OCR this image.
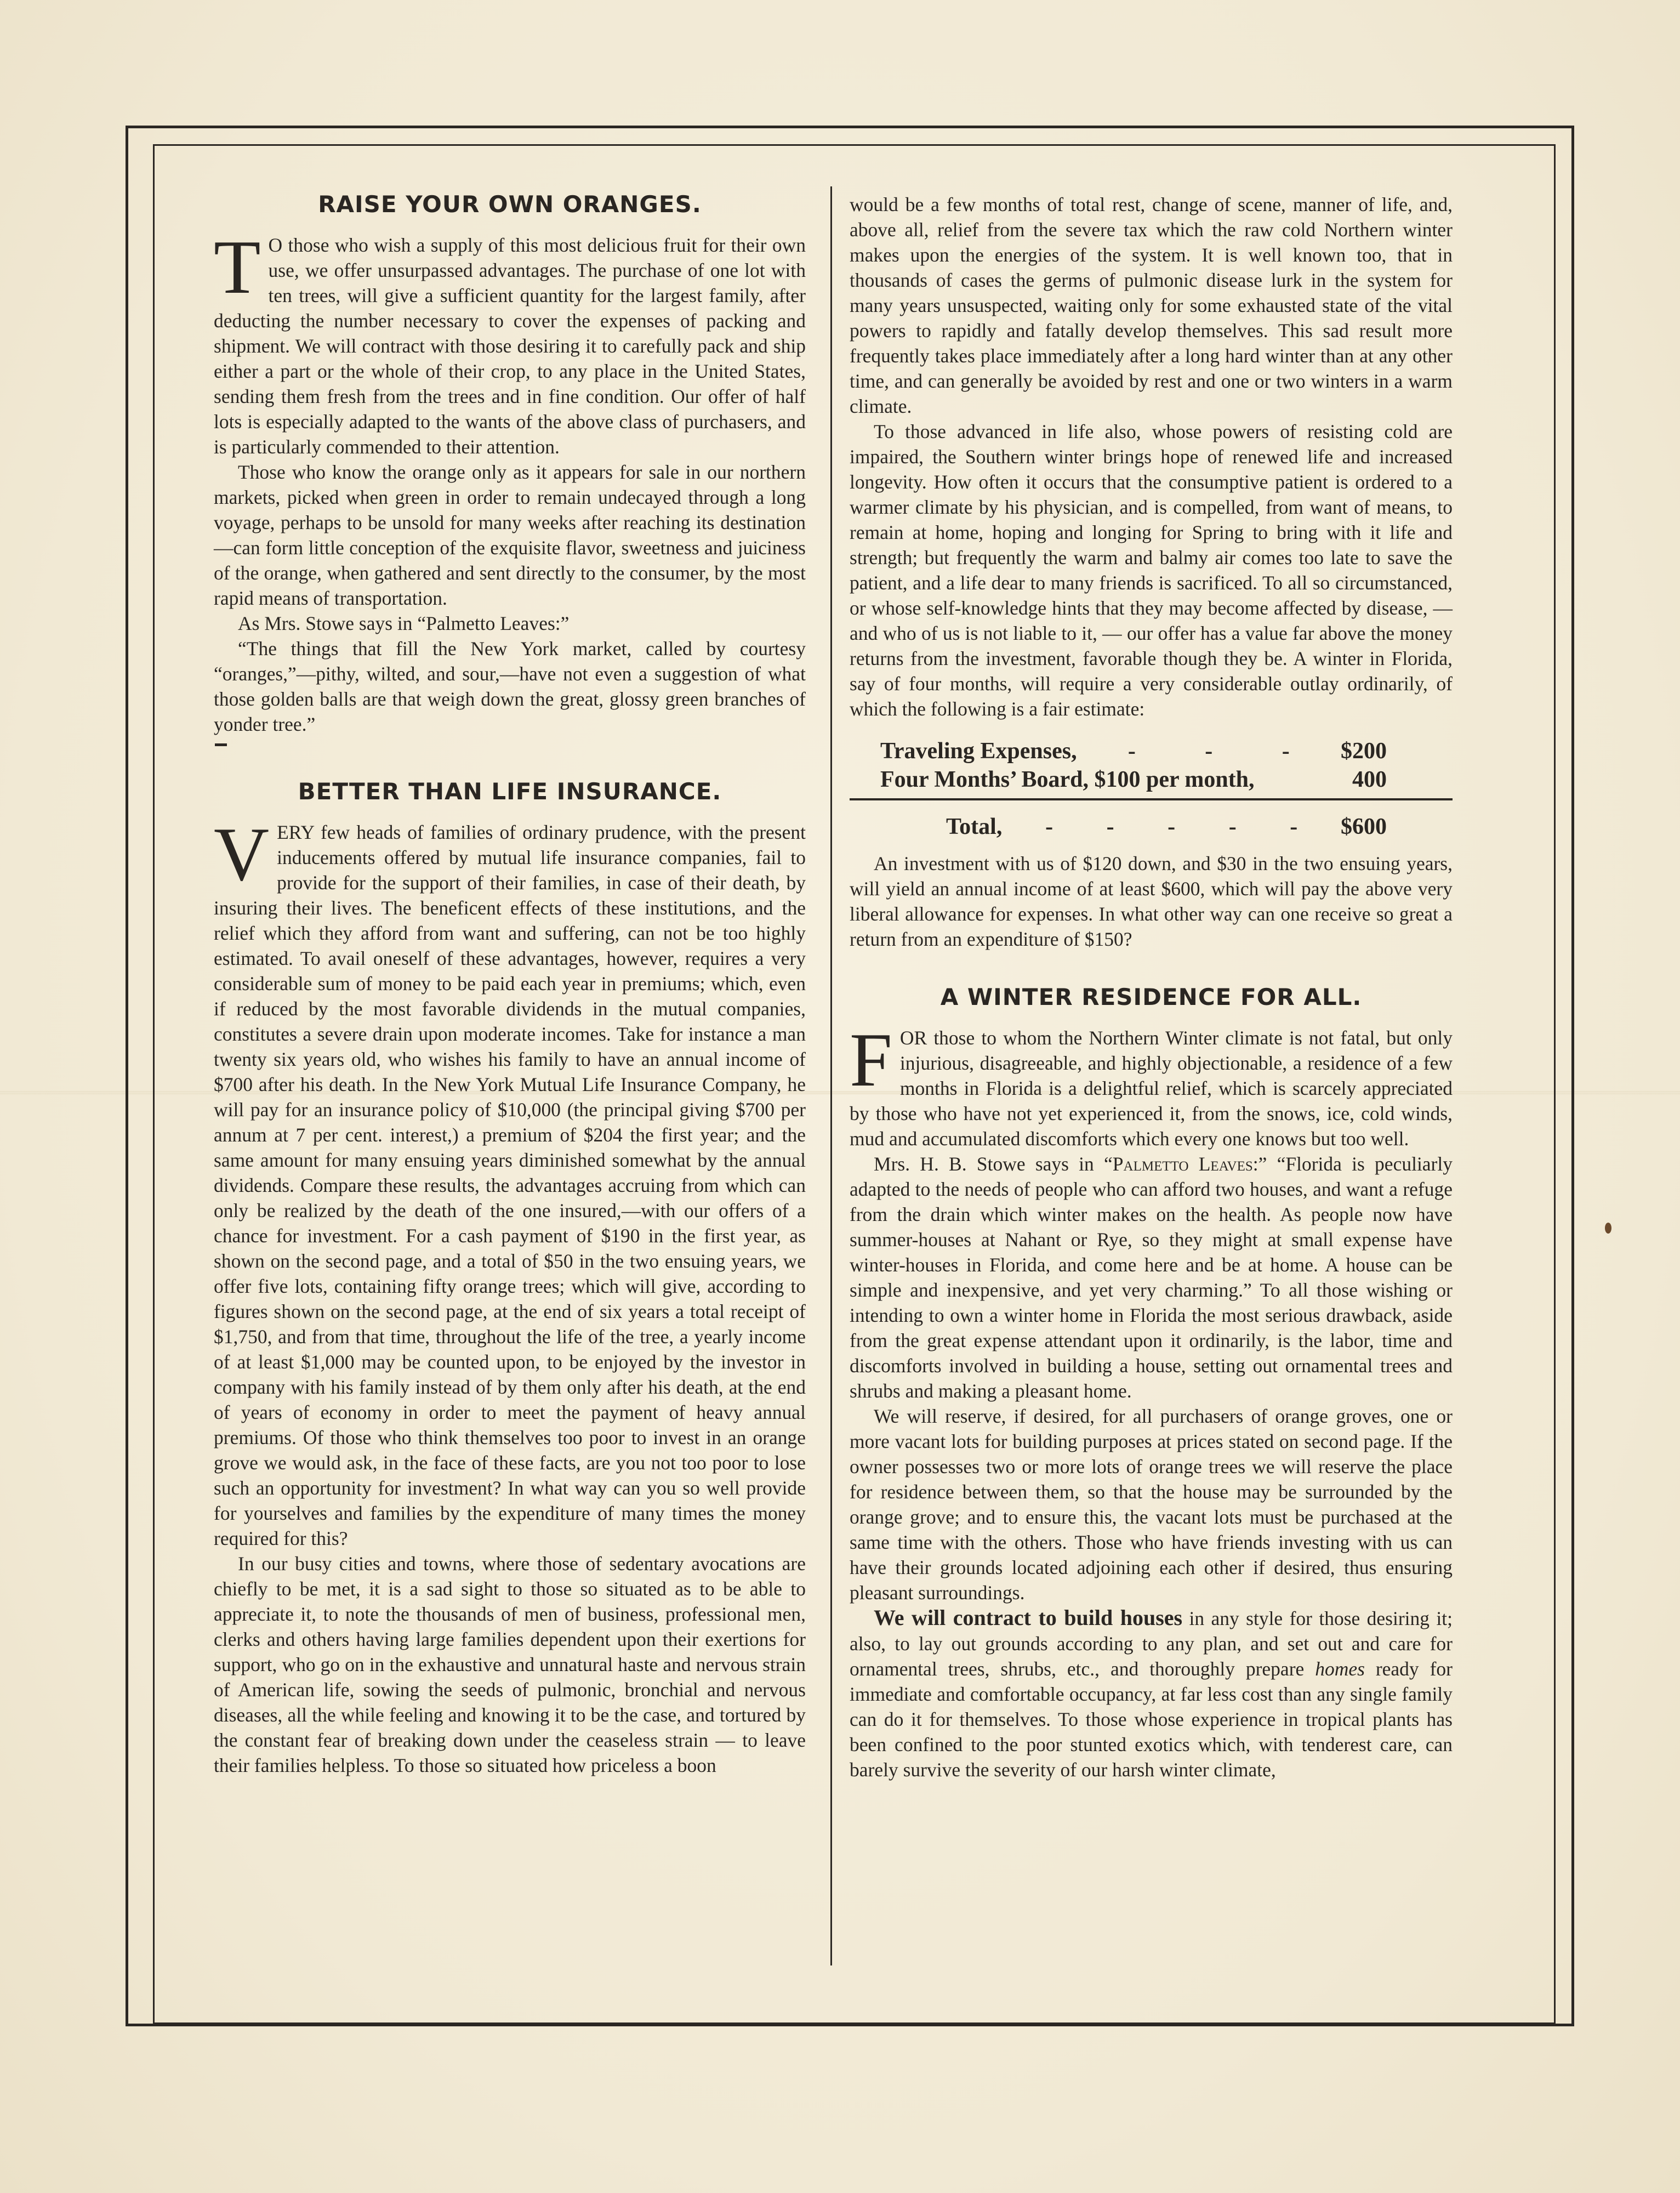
RAISE YOUR OWN ORANGES.

T O those who wish a supply of this most delicious fruit for their own use, we offer unsurpassed advantages. The purchase of one lot with ten trees, will give a sufficient quantity for the largest family, after deducting the number necessary to cover the expenses of packing and shipment. We will contract with those desiring it to carefully pack and ship either a part or the whole of their crop, to any place in the United States, sending them fresh from the trees and in fine condition. Our offer of half lots is especially adapted to the wants of the above class of purchasers, and is particularly commended to their attention.

Those who know the orange only as it appears for sale in our northern markets, picked when green in order to remain undecayed through a long voyage, perhaps to be unsold for many weeks after reaching its destination—can form little conception of the exquisite flavor, sweetness and juiciness of the orange, when gathered and sent directly to the consumer, by the most rapid means of transportation.

As Mrs. Stowe says in “Palmetto Leaves:”

“The things that fill the New York market, called by courtesy “oranges,”—pithy, wilted, and sour,—have not even a suggestion of what those golden balls are that weigh down the great, glossy green branches of yonder tree.”

BETTER THAN LIFE INSURANCE.

VERY few heads of families of ordinary prudence, with the present inducements offered by mutual life insurance companies, fail to provide for the support of their families, in case of their death, by insuring their lives. The beneficent effects of these institutions, and the relief which they afford from want and suffering, can not be too highly estimated. To avail oneself of these advantages, however, requires a very considerable sum of money to be paid each year in premiums; which, even if reduced by the most favorable dividends in the mutual companies, constitutes a severe drain upon moderate incomes. Take for instance a man twenty six years old, who wishes his family to have an annual income of $700 after his death. In the New York Mutual Life Insurance Company, he will pay for an insurance policy of $10,000 (the principal giving $700 per annum at 7 per cent. interest,) a premium of $204 the first year; and the same amount for many ensuing years diminished somewhat by the annual dividends. Compare these results, the advantages accruing from which can only be realized by the death of the one insured,—with our offers of a chance for investment. For a cash payment of $190 in the first year, as shown on the second page, and a total of $50 in the two ensuing years, we offer five lots, containing fifty orange trees; which will give, according to figures shown on the second page, at the end of six years a total receipt of $1,750, and from that time, throughout the life of the tree, a yearly income of at least $1,000 may be counted upon, to be enjoyed by the investor in company with his family instead of by them only after his death, at the end of years of economy in order to meet the payment of heavy annual premiums. Of those who think themselves too poor to invest in an orange grove we would ask, in the face of these facts, are you not too poor to lose such an opportunity for investment? In what way can you so well provide for yourselves and families by the expenditure of many times the money required for this?

In our busy cities and towns, where those of sedentary avocations are chiefly to be met, it is a sad sight to those so situated as to be able to appreciate it, to note the thousands of men of business, professional men, clerks and others having large families dependent upon their exertions for support, who go on in the exhaustive and unnatural haste and nervous strain of American life, sowing the seeds of pulmonic, bronchial and nervous diseases, all the while feeling and knowing it to be the case, and tortured by the constant fear of breaking down under the ceaseless strain — to leave their families helpless. To those so situated how priceless a boon

would be a few months of total rest, change of scene, manner of life, and, above all, relief from the severe tax which the raw cold Northern winter makes upon the energies of the system. It is well known too, that in thousands of cases the germs of pulmonic disease lurk in the system for many years unsuspected, waiting only for some exhausted state of the vital powers to rapidly and fatally develop themselves. This sad result more frequently takes place immediately after a long hard winter than at any other time, and can generally be avoided by rest and one or two winters in a warm climate.

To those advanced in life also, whose powers of resisting cold are impaired, the Southern winter brings hope of renewed life and increased longevity. How often it occurs that the consumptive patient is ordered to a warmer climate by his physician, and is compelled, from want of means, to remain at home, hoping and longing for Spring to bring with it life and strength; but frequently the warm and balmy air comes too late to save the patient, and a life dear to many friends is sacrificed. To all so circumstanced, or whose self-knowledge hints that they may become affected by disease, — and who of us is not liable to it, — our offer has a value far above the money returns from the investment, favorable though they be. A winter in Florida, say of four months, will require a very considerable outlay ordinarily, of which the following is a fair estimate:

Traveling Expenses, -	-	- $200
Four Months’ Board, $100 per month,	400
Total, - - - - - $600

An investment with us of $120 down, and $30 in the two ensuing years, will yield an annual income of at least $600, which will pay the above very liberal allowance for expenses. In what other way can one receive so great a return from an expenditure of $150?

A WINTER RESIDENCE FOR ALL.

FOR those to whom the Northern Winter climate is not fatal, but only injurious, disagreeable, and highly objectionable, a residence of a few months in Florida is a delightful relief, which is scarcely appreciated by those who have not yet experienced it, from the snows, ice, cold winds, mud and accumulated discomforts which every one knows but too well.

Mrs. H. B. Stowe says in “Palmetto Leaves:” “Florida is peculiarly adapted to the needs of people who can afford two houses, and want a refuge from the drain which winter makes on the health. As people now have summer-houses at Nahant or Rye, so they might at small expense have winter-houses in Florida, and come here and be at home. A house can be simple and inexpensive, and yet very charming.” To all those wishing or intending to own a winter home in Florida the most serious drawback, aside from the great expense attendant upon it ordinarily, is the labor, time and discomforts involved in building a house, setting out ornamental trees and shrubs and making a pleasant home.

We will reserve, if desired, for all purchasers of orange groves, one or more vacant lots for building purposes at prices stated on second page. If the owner possesses two or more lots of orange trees we will reserve the place for residence between them, so that the house may be surrounded by the orange grove; and to ensure this, the vacant lots must be purchased at the same time with the others. Those who have friends investing with us can have their grounds located adjoining each other if desired, thus ensuring pleasant surroundings.

We will contract to build houses in any style for those desiring it; also, to lay out grounds according to any plan, and set out and care for ornamental trees, shrubs, etc., and thoroughly prepare homes ready for immediate and comfortable occupancy, at far less cost than any single family can do it for themselves. To those whose experience in tropical plants has been confined to the poor stunted exotics which, with tenderest care, can barely survive the severity of our harsh winter climate,
